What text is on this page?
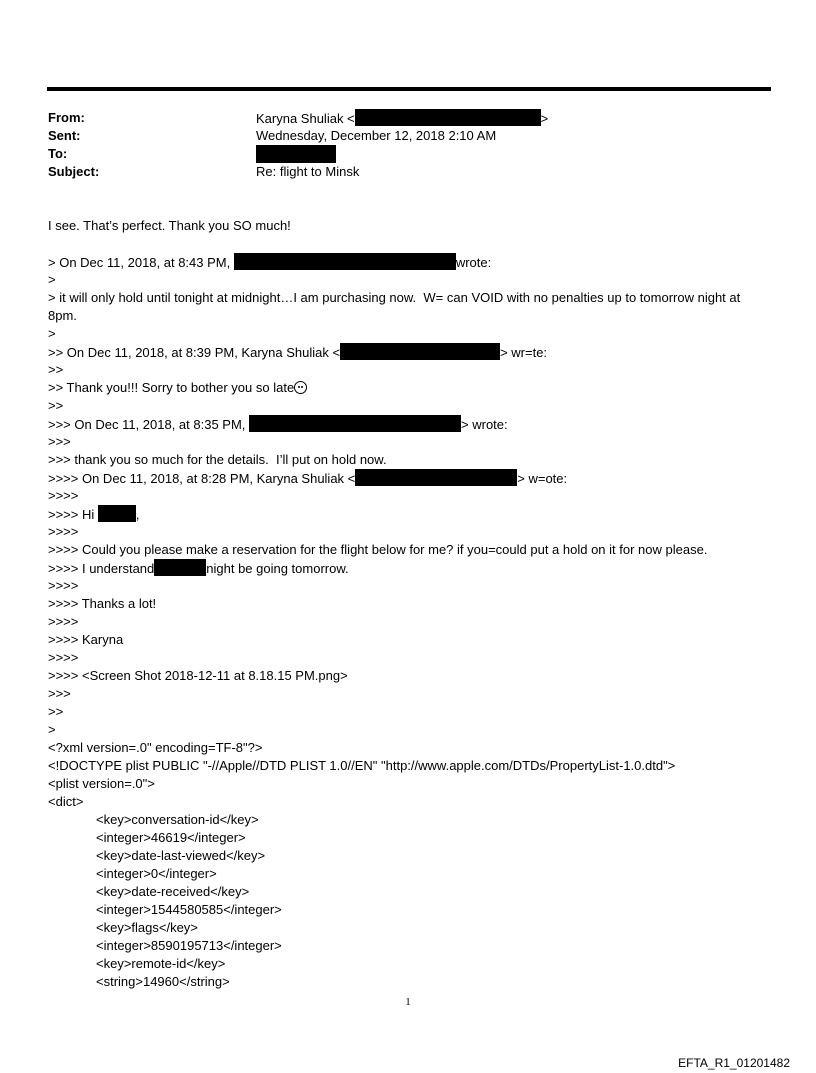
From:	Karyna Shuliak <	>
Sent:	Wednesday, December 12, 2018 2:10 AM
To:
Subject:	Re: flight to Minsk
I see. That’s perfect. Thank you SO much!
> On Dec 11, 2018, at 8:43 PM,	wrote:
>
> it will only hold until tonight at midnight…I am purchasing now.  W= can VOID with no penalties up to tomorrow night at 8pm.
>
>> On Dec 11, 2018, at 8:39 PM, Karyna Shuliak <	> wr=te:
>>
>> Thank you!!! Sorry to bother you so late
>>
>>> On Dec 11, 2018, at 8:35 PM,	> wrote:
>>>
>>> thank you so much for the details.  I’ll put on hold now.
>>>> On Dec 11, 2018, at 8:28 PM, Karyna Shuliak <	> w=ote:
>>>>
>>>> Hi	,
>>>>
>>>> Could you please make a reservation for the flight below for me? if you=could put a hold on it for now please.
>>>> I understand	night be going tomorrow.
>>>>
>>>> Thanks a lot!
>>>>
>>>> Karyna
>>>>
>>>> <Screen Shot 2018-12-11 at 8.18.15 PM.png>
>>>
>>
>
<?xml version=.0" encoding=TF-8"?>
<!DOCTYPE plist PUBLIC "-//Apple//DTD PLIST 1.0//EN" "http://www.apple.com/DTDs/PropertyList-1.0.dtd">
<plist version=.0">
<dict>
<key>conversation-id</key>
<integer>46619</integer>
<key>date-last-viewed</key>
<integer>0</integer>
<key>date-received</key>
<integer>1544580585</integer>
<key>flags</key>
<integer>8590195713</integer>
<key>remote-id</key>
<string>14960</string>
1
EFTA_R1_01201482
